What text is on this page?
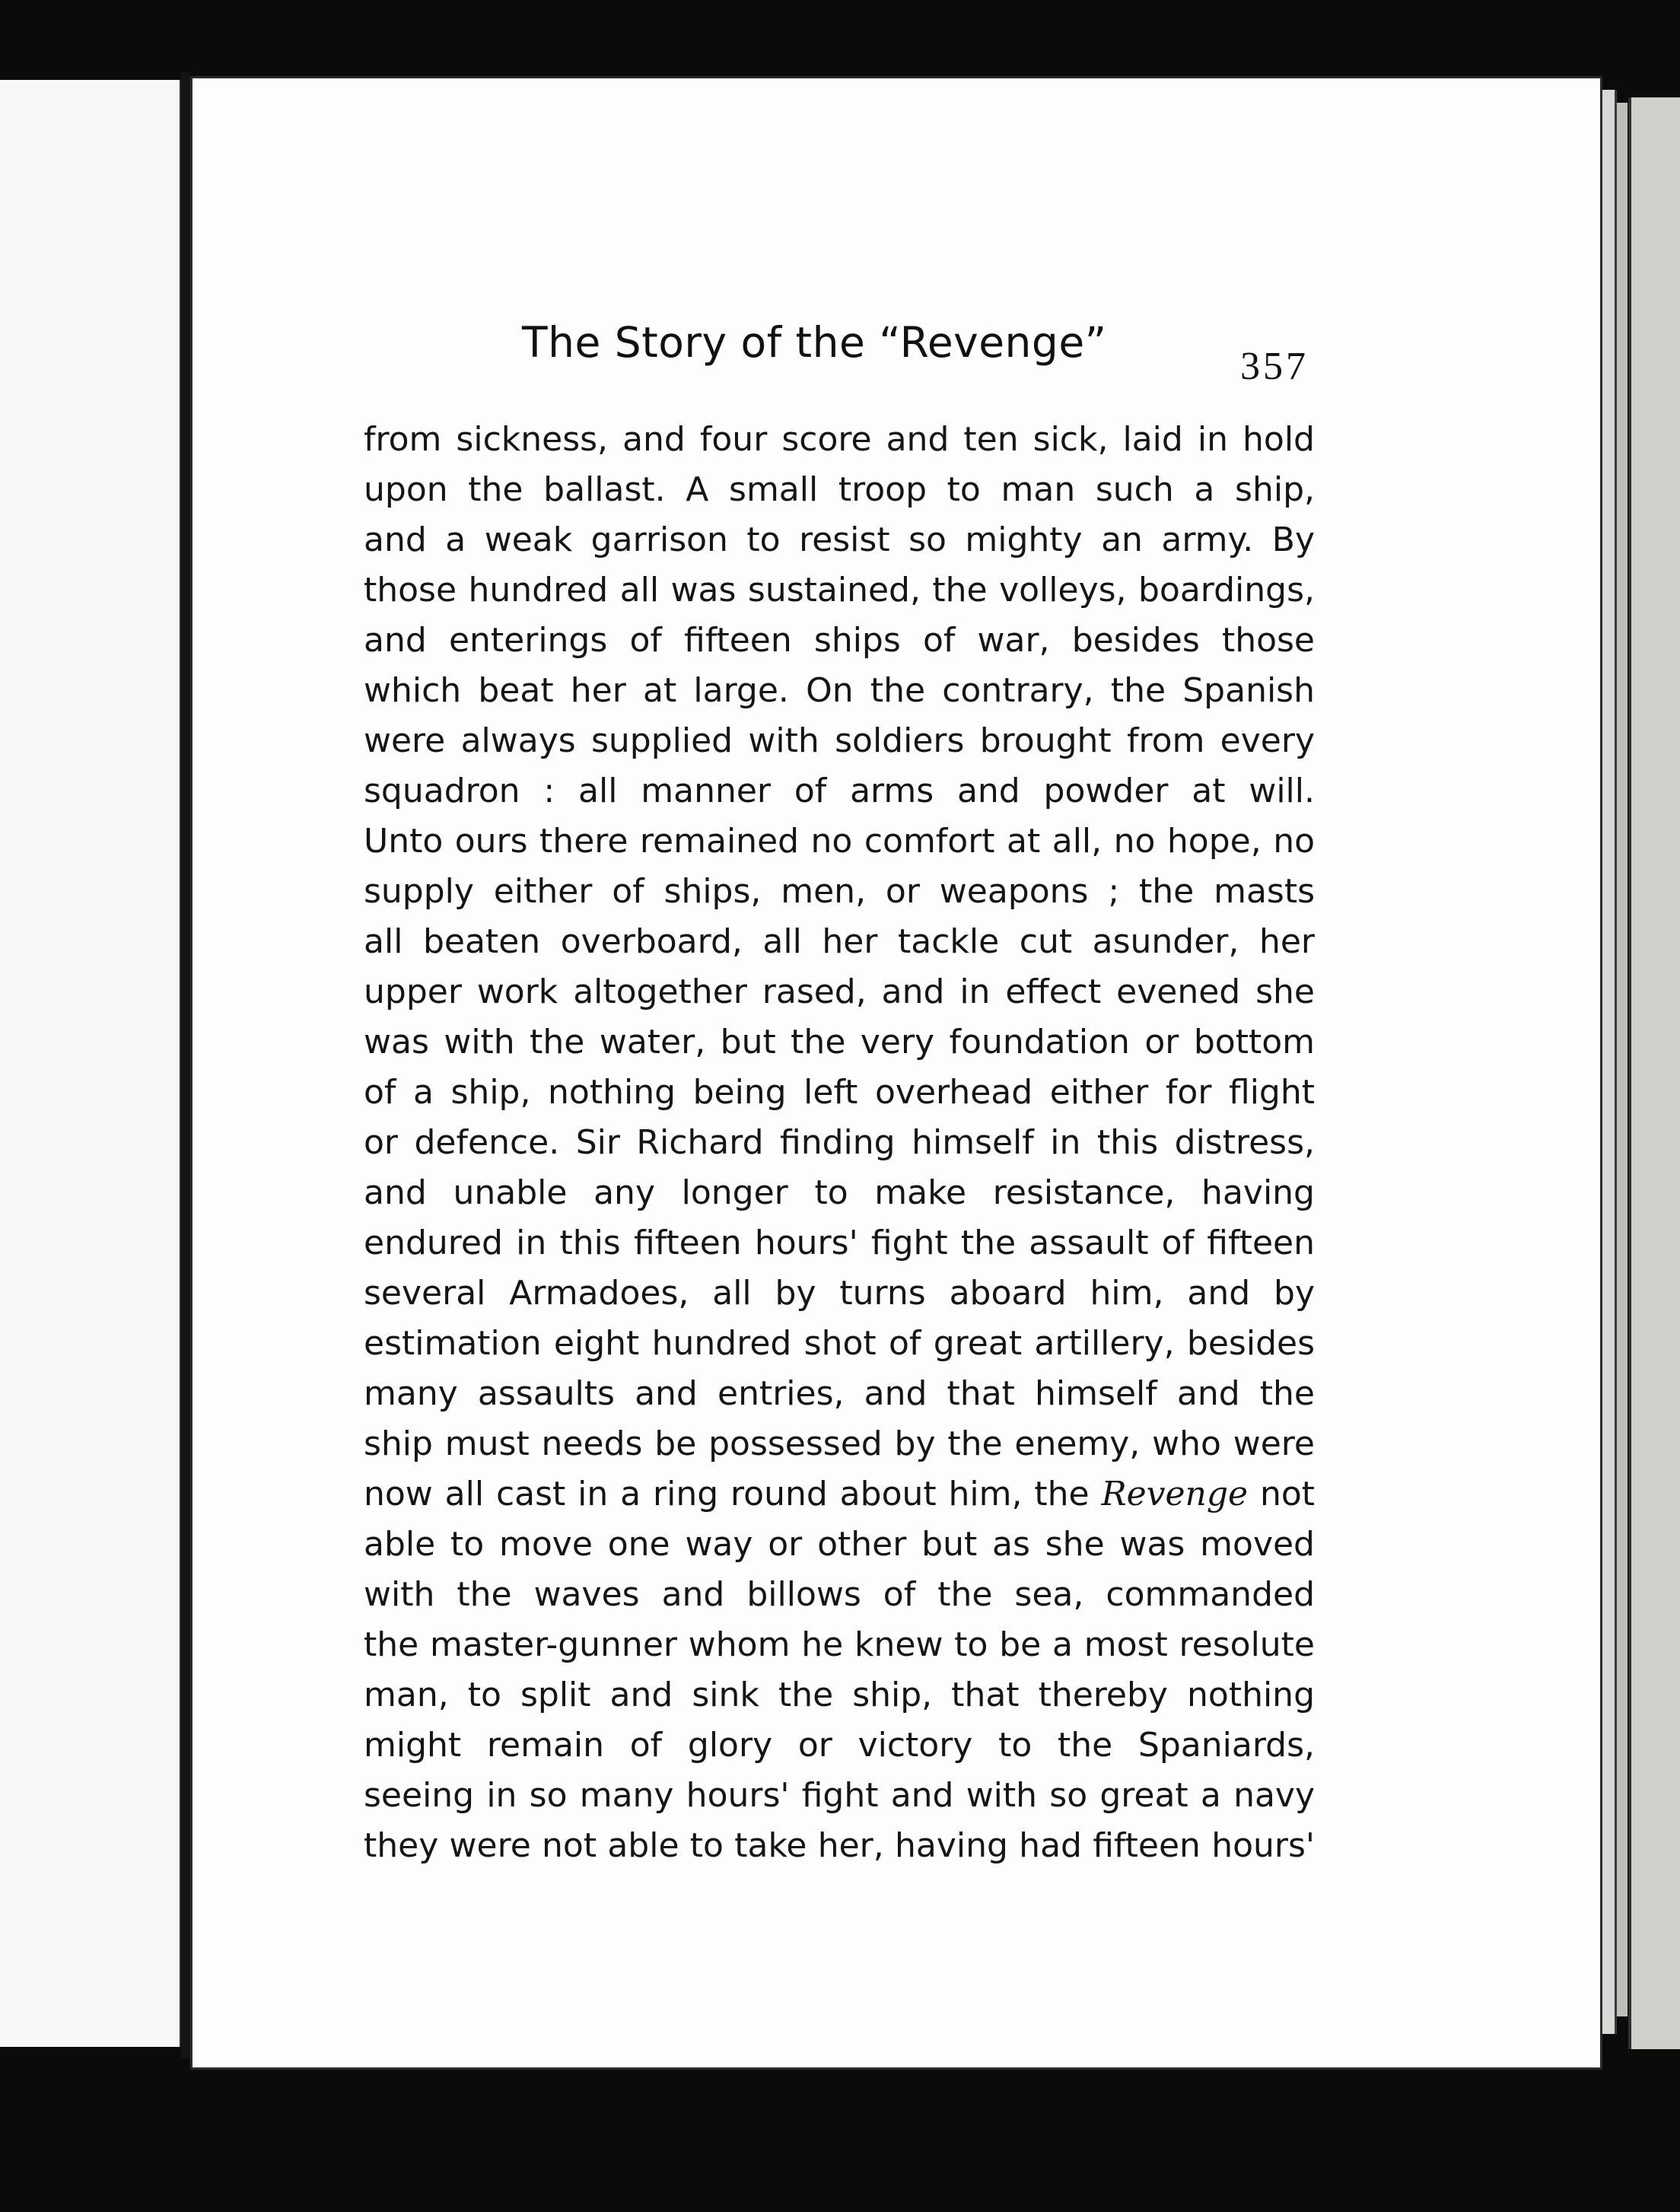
The Story of the “Revenge”	357
from sickness, and four score and ten sick, laid in hold
upon the ballast. A small troop to man such a ship,
and a weak garrison to resist so mighty an army. By
those hundred all was sustained, the volleys, boardings,
and enterings of fifteen ships of war, besides those
which beat her at large. On the contrary, the Spanish
were always supplied with soldiers brought from every
squadron : all manner of arms and powder at will.
Unto ours there remained no comfort at all, no hope, no
supply either of ships, men, or weapons ; the masts
all beaten overboard, all her tackle cut asunder, her
upper work altogether rased, and in effect evened she
was with the water, but the very foundation or bottom
of a ship, nothing being left overhead either for flight
or defence. Sir Richard finding himself in this distress,
and unable any longer to make resistance, having
endured in this fifteen hours' fight the assault of fifteen
several Armadoes, all by turns aboard him, and by
estimation eight hundred shot of great artillery, besides
many assaults and entries, and that himself and the
ship must needs be possessed by the enemy, who were
now all cast in a ring round about him, the Revenge not
able to move one way or other but as she was moved
with the waves and billows of the sea, commanded
the master-gunner whom he knew to be a most resolute
man, to split and sink the ship, that thereby nothing
might remain of glory or victory to the Spaniards,
seeing in so many hours' fight and with so great a navy
they were not able to take her, having had fifteen hours'
